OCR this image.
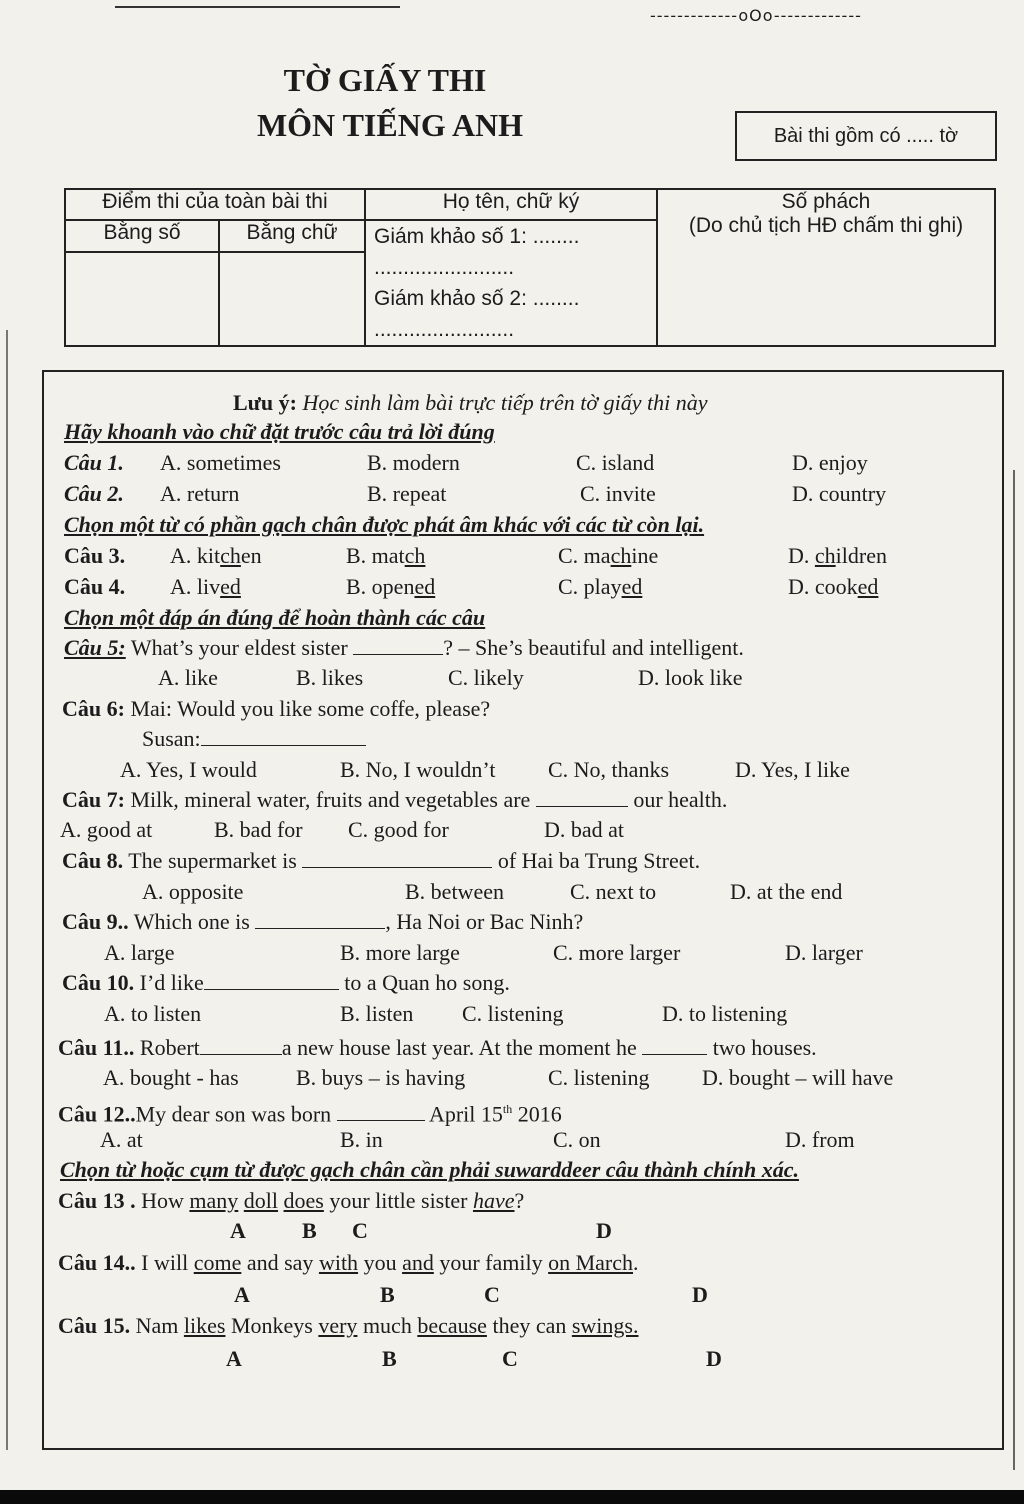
-------------oOo-------------
TỜ GIẤY THI
MÔN TIẾNG ANH	Bài thi gồm có ..... tờ
Điểm thi của toàn bài thi		Họ tên, chữ ký	Số phách
(Do chủ tịch HĐ chấm thi ghi)

Bằng số	Bằng chữ	Giám khảo số 1: ........
........................
Giám khảo số 2: ........
........................	

Lưu ý: Học sinh làm bài trực tiếp trên tờ giấy thi này
Hãy khoanh vào chữ đặt trước câu trả lời đúng
Câu 1. A. sometimes	B. modern	C. island	D. enjoy
Câu 2. A. return	B. repeat	C. invite	D. country
Chọn một từ có phần gạch chân được phát âm khác với các từ còn lại.
Câu 3. A. kitchen	B. match	C. machine	D. children
Câu 4. A. lived	B. opened	C. played	D. cooked
Chọn một đáp án đúng để hoàn thành các câu
Câu 5: What’s your eldest sister	? – She’s beautiful and intelligent.
A. like	B. likes	C. likely	D. look like
Câu 6: Mai: Would you like some coffe, please?
Susan:
A. Yes, I would	B. No, I wouldn’t C. No, thanks	D. Yes, I like
Câu 7: Milk, mineral water, fruits and vegetables are	our health.
A. good at	B. bad for C. good for	D. bad at
Câu 8. The supermarket is	of Hai ba Trung Street.
A. opposite	B. between	C. next to	D. at the end
Câu 9.. Which one is	, Ha Noi or Bac Ninh?
A. large	B. more large	C. more larger	D. larger
Câu 10. I’d like	to a Quan ho song.
A. to listen	B. listen C. listening	D. to listening
Câu 11.. Robert	a new house last year. At the moment he	two houses.
A. bought - has	B. buys – is having	C. listening D. bought – will have
Câu 12..My dear son was born	April 15th 2016
A. at	B. in	C. on	D. from
Chọn từ hoặc cụm từ được gạch chân cần phải suwarddeer câu thành chính xác.
Câu 13 . How many doll does your little sister have?
A	B C	D
Câu 14.. I will come and say with you and your family on March.
A	B	C	D
Câu 15. Nam likes Monkeys very much because they can swings.
A	B	C	D
